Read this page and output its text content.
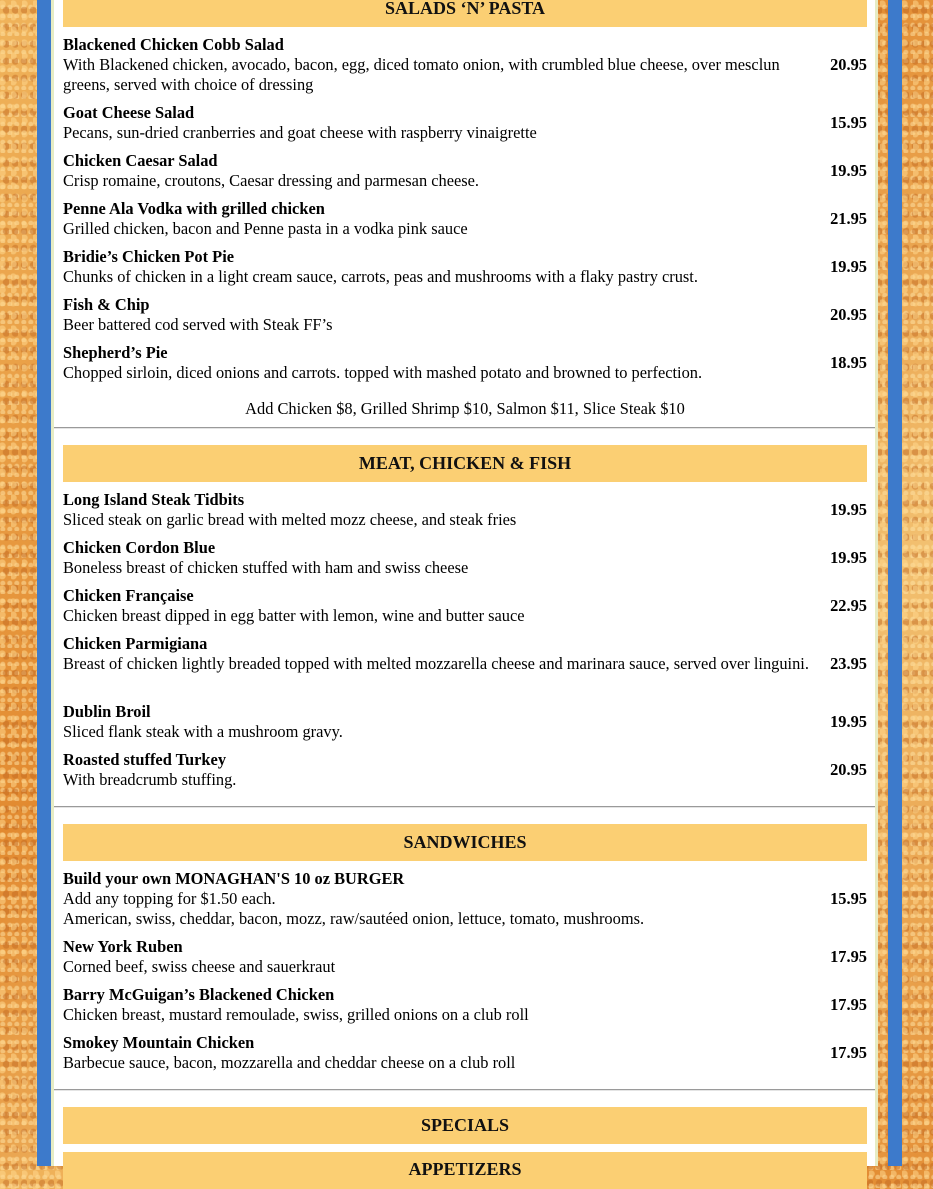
SALADS ‘N’ PASTA
Blackened Chicken Cobb Salad
With Blackened chicken, avocado, bacon, egg, diced tomato onion, with crumbled blue cheese, over mesclun greens, served with choice of dressing
20.95
Goat Cheese Salad
Pecans, sun-dried cranberries and goat cheese with raspberry vinaigrette
15.95
Chicken Caesar Salad
Crisp romaine, croutons, Caesar dressing and parmesan cheese.
19.95
Penne Ala Vodka with grilled chicken
Grilled chicken, bacon and Penne pasta in a vodka pink sauce
21.95
Bridie’s Chicken Pot Pie
Chunks of chicken in a light cream sauce, carrots, peas and mushrooms with a flaky pastry crust.
19.95
Fish & Chip
Beer battered cod served with Steak FF’s
20.95
Shepherd’s Pie
Chopped sirloin, diced onions and carrots. topped with mashed potato and browned to perfection.
18.95
Add Chicken $8, Grilled Shrimp $10, Salmon $11, Slice Steak $10
MEAT, CHICKEN & FISH
Long Island Steak Tidbits
Sliced steak on garlic bread with melted mozz cheese, and steak fries
19.95
Chicken Cordon Blue
Boneless breast of chicken stuffed with ham and swiss cheese
19.95
Chicken Française
Chicken breast dipped in egg batter with lemon, wine and butter sauce
22.95
Chicken Parmigiana
Breast of chicken lightly breaded topped with melted mozzarella cheese and marinara sauce, served over linguini.	23.95
Dublin Broil
Sliced flank steak with a mushroom gravy.
19.95
Roasted stuffed Turkey
With breadcrumb stuffing.
20.95
SANDWICHES
Build your own MONAGHAN'S 10 oz BURGER
Add any topping for $1.50 each.
American, swiss, cheddar, bacon, mozz, raw/sautéed onion, lettuce, tomato, mushrooms.
15.95
New York Ruben
Corned beef, swiss cheese and sauerkraut
17.95
Barry McGuigan’s Blackened Chicken
Chicken breast, mustard remoulade, swiss, grilled onions on a club roll
17.95
Smokey Mountain Chicken
Barbecue sauce, bacon, mozzarella and cheddar cheese on a club roll
17.95
SPECIALS
APPETIZERS
